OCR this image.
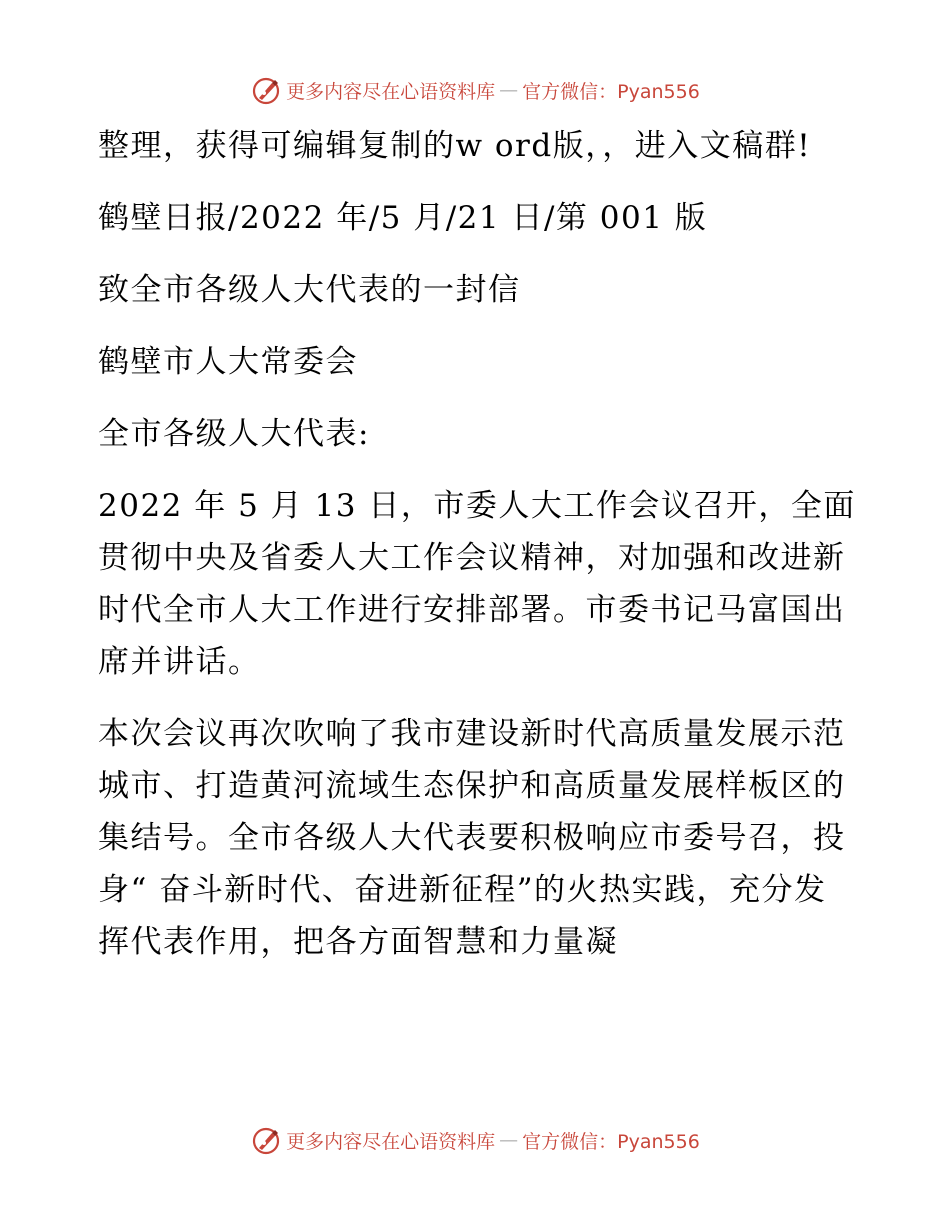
更多内容尽在心语资料库 — 官方微信：Pyan556

整理，获得可编辑复制的w ord版，，进入文稿群!

鹤壁日报/2022 年/5 月/21 日/第 001 版

致全市各级人大代表的一封信

鹤壁市人大常委会

全市各级人大代表:

2022 年 5 月 13 日，市委人大工作会议召开，全面贯彻中央及省委人大工作会议精神，对加强和改进新时代全市人大工作进行安排部署。市委书记马富国出席并讲话。

本次会议再次吹响了我市建设新时代高质量发展示范城市、打造黄河流域生态保护和高质量发展样板区的集结号。全市各级人大代表要积极响应市委号召，投身“ 奋斗新时代、奋进新征程”的火热实践，充分发挥代表作用，把各方面智慧和力量凝

更多内容尽在心语资料库 — 官方微信：Pyan556
